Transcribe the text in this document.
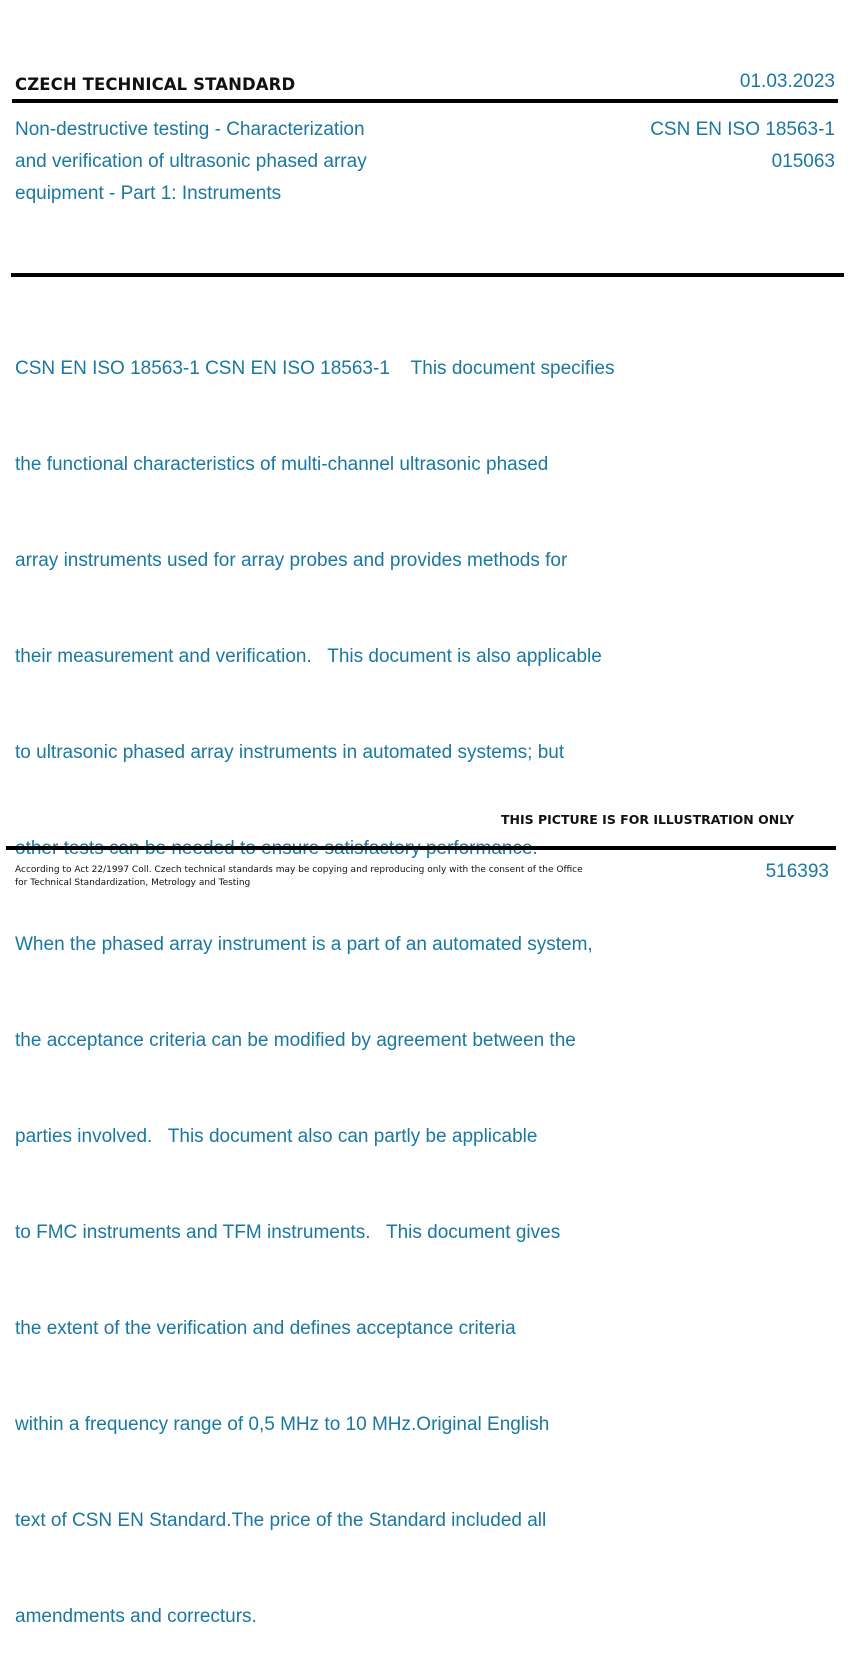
CZECH TECHNICAL STANDARD	01.03.2023
Non-destructive testing - Characterization
and verification of ultrasonic phased array
equipment - Part 1: Instruments
CSN EN ISO 18563-1
015063

CSN EN ISO 18563-1 CSN EN ISO 18563-1    This document specifies

the functional characteristics of multi-channel ultrasonic phased

array instruments used for array probes and provides methods for

their measurement and verification.   This document is also applicable

to ultrasonic phased array instruments in automated systems; but

When the phased array instrument is a part of an automated system,

the acceptance criteria can be modified by agreement between the

parties involved.   This document also can partly be applicable

to FMC instruments and TFM instruments.   This document gives

the extent of the verification and defines acceptance criteria

within a frequency range of 0,5 MHz to 10 MHz.Original English

text of CSN EN Standard.The price of the Standard included all

amendments and correcturs.

THIS PICTURE IS FOR ILLUSTRATION ONLY
According to Act 22/1997 Coll. Czech technical standards may be copying and reproducing only with the consent of the Office
for Technical Standardization, Metrology and Testing
516393
